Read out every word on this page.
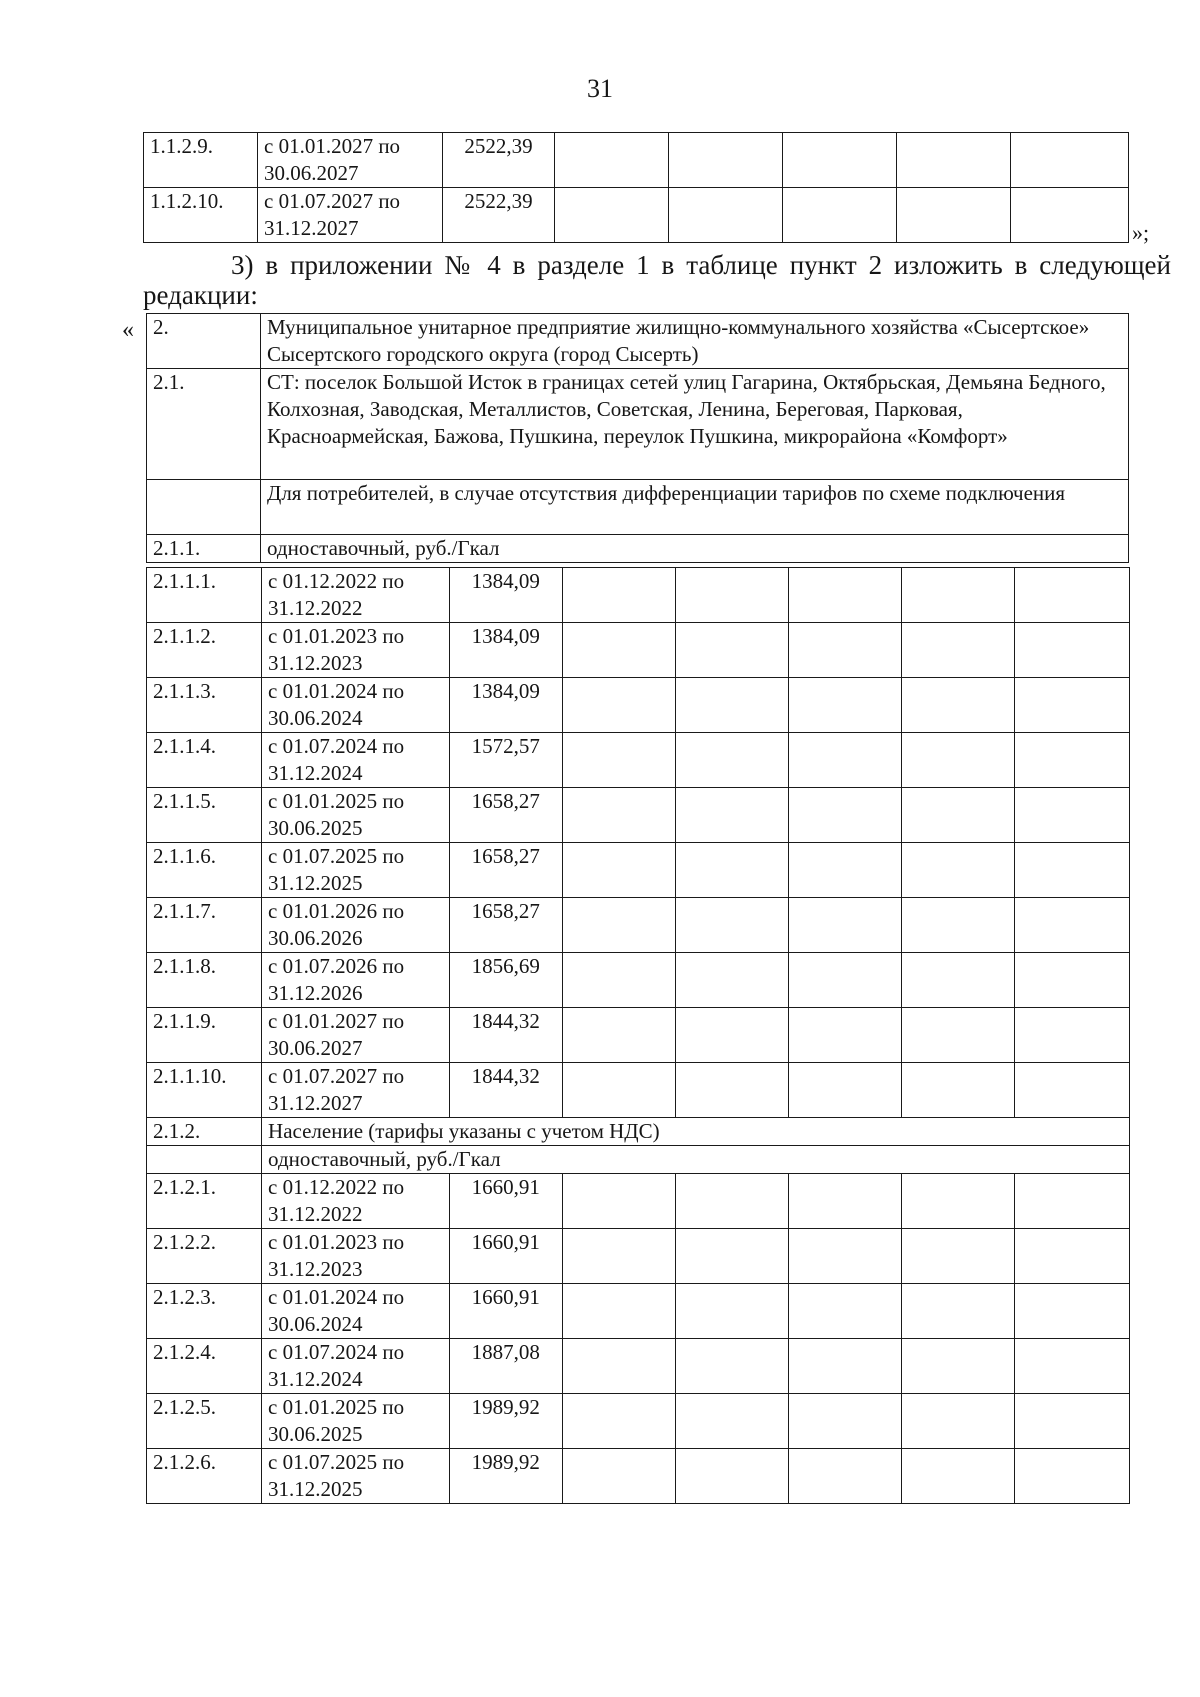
31
1.1.2.9.	с 01.01.2027 по 30.06.2027	2522,39					
1.1.2.10.	с 01.07.2027 по 31.12.2027	2522,39					
»;
3) в приложении № 4 в разделе 1 в таблице пункт 2 изложить в следующей редакции:
« 2.	Муниципальное унитарное предприятие жилищно-коммунального хозяйства «Сысертское» Сысертского городского округа (город Сысерть)
2.1.	СТ: поселок Большой Исток в границах сетей улиц Гагарина, Октябрьская, Демьяна Бедного, Колхозная, Заводская, Металлистов, Советская, Ленина, Береговая, Парковая, Красноармейская, Бажова, Пушкина, переулок Пушкина, микрорайона «Комфорт»
	Для потребителей, в случае отсутствия дифференциации тарифов по схеме подключения
2.1.1.	одноставочный, руб./Гкал
2.1.1.1.	с 01.12.2022 по 31.12.2022	1384,09					
2.1.1.2.	с 01.01.2023 по 31.12.2023	1384,09					
2.1.1.3.	с 01.01.2024 по 30.06.2024	1384,09					
2.1.1.4.	с 01.07.2024 по 31.12.2024	1572,57					
2.1.1.5.	с 01.01.2025 по 30.06.2025	1658,27					
2.1.1.6.	с 01.07.2025 по 31.12.2025	1658,27					
2.1.1.7.	с 01.01.2026 по 30.06.2026	1658,27					
2.1.1.8.	с 01.07.2026 по 31.12.2026	1856,69					
2.1.1.9.	с 01.01.2027 по 30.06.2027	1844,32					
2.1.1.10.	с 01.07.2027 по 31.12.2027	1844,32					
2.1.2.	Население (тарифы указаны с учетом НДС)						
	одноставочный, руб./Гкал						
2.1.2.1.	с 01.12.2022 по 31.12.2022	1660,91					
2.1.2.2.	с 01.01.2023 по 31.12.2023	1660,91					
2.1.2.3.	с 01.01.2024 по 30.06.2024	1660,91					
2.1.2.4.	с 01.07.2024 по 31.12.2024	1887,08					
2.1.2.5.	с 01.01.2025 по 30.06.2025	1989,92					
2.1.2.6.	с 01.07.2025 по 31.12.2025	1989,92					
